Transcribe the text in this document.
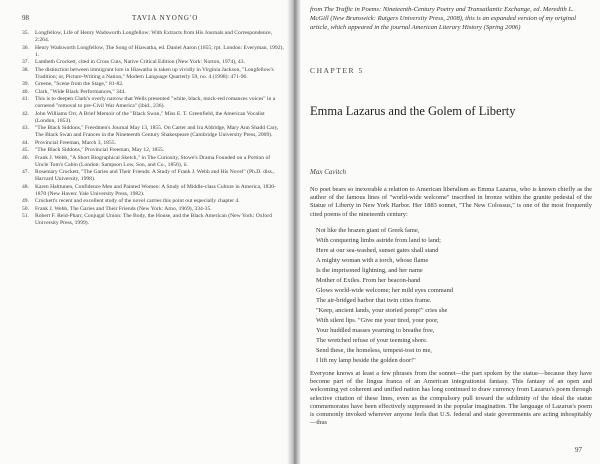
98	TAVIA NYONG'O
35. Longfellow, Life of Henry Wadsworth Longfellow: With Extracts from His Journals and Correspondence, 2:264.
36. Henry Wadsworth Longfellow, The Song of Hiawatha, ed. Daniel Aaron (1855; rpt. London: Everyman, 1992), 1.
37. Lambeth Crockett, cited in Cross Cuts, Native Critical Edition (New York: Norton, 1974), 43.
38. The distinction between immigrant lore in Hiawatha is taken up vividly in Virginia Jackson, "Longfellow's Tradition; or, Picture-Writing a Nation," Modern Language Quarterly 59, no. 4 (1998): 471-96.
39. Greene, "Scene from the Stage," 81-82.
40. Clark, "Wide Black Performances," 344.
41. This is to deepen Clark's overly narrow that Wells presented "white, black, mock-red romances voices" in a cornered "removal to pre-Civil War America" (ibid., 236).
42. John Williams Orr, A Brief Memoir of the "Black Swan," Miss E. T. Greenfield, the American Vocalist (London, 1853).
43. "The Black Siddons," Freedmen's Journal May 13, 1855. On Carter and Ira Aldridge, Mary Ann Shadd Cary, The Black Swan and Frances in the Nineteenth Century Shakespeare (Cambridge University Press, 2009).
44. Provincial Freeman, March 3, 1855.
45. "The Black Siddons," Provincial Freeman, May 12, 1855.
46. Frank J. Webb, "A Short Biographical Sketch," in The Curiosity, Stowe's Drama Founded on a Portion of Uncle Tom's Cabin (London: Sampson Low, Son, and Co., 1856), ii.
47. Rosemary Crockett, "The Garies and Their Friends: A Study of Frank J. Webb and His Novel" (Ph.D. diss., Harvard University, 1998).
48. Karen Halttunen, Confidence Men and Painted Women: A Study of Middle-class Culture in America, 1830-1870 (New Haven: Yale University Press, 1982).
49. Crockett's recent and excellent study of the novel carries this point out especially chapter 4.
50. Frank J. Webb, The Garies and Their Friends (New York: Arno, 1969), 334-35.
51. Robert F. Reid-Pharr, Conjugal Union: The Body, the House, and the Black American (New York: Oxford University Press, 1999).
from The Traffic in Poems: Nineteenth-Century Poetry and Transatlantic Exchange, ed. Meredith L. McGill (New Brunswick: Rutgers University Press, 2008), this is an expanded version of my original article, which appeared in the journal American Literary History (Spring 2006)
CHAPTER 5
Emma Lazarus and the Golem of Liberty
Max Cavitch
No poet bears so inexorable a relation to American liberalism as Emma Lazarus, who is known chiefly as the author of the famous lines of "world-wide welcome" inscribed in bronze within the granite pedestal of the Statue of Liberty in New York Harbor. Her 1883 sonnet, "The New Colossus," is one of the most frequently cited poems of the nineteenth century:
Not like the brazen giant of Greek fame,
With conquering limbs astride from land to land;
Here at our sea-washed, sunset gates shall stand
A mighty woman with a torch, whose flame
Is the imprisoned lightning, and her name
Mother of Exiles. From her beacon-hand
Glows world-wide welcome; her mild eyes command
The air-bridged harbor that twin cities frame.
"Keep, ancient lands, your storied pomp!" cries she
With silent lips. "Give me your tired, your poor,
Your huddled masses yearning to breathe free,
The wretched refuse of your teeming shore.
Send these, the homeless, tempest-tost to me,
I lift my lamp beside the golden door!"
Everyone knows at least a few phrases from the sonnet—the part spoken by the statue—because they have become part of the lingua franca of an American integrationist fantasy. This fantasy of an open and welcoming yet coherent and unified nation has long continued to draw currency from Lazarus's poem through selective citation of these lines, even as the compulsory pull toward the sublimity of the ideal the statue commemorates have been effectively suppressed in the popular imagination. The language of Lazarus's poem is commonly invoked wherever anyone feels that U.S. federal and state governments are acting inhospitably—thus
97
